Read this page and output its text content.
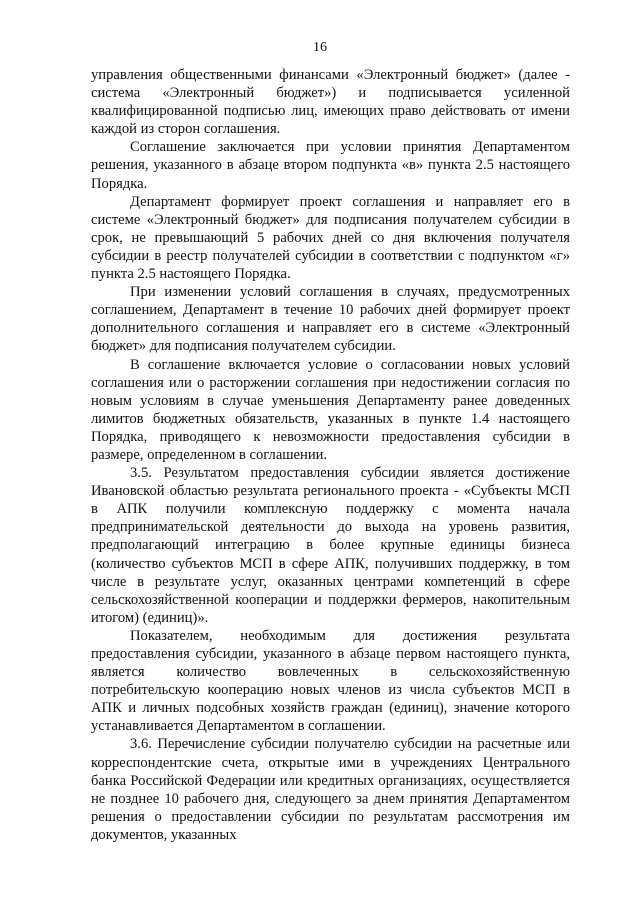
16

управления общественными финансами «Электронный бюджет» (далее - система «Электронный бюджет») и подписывается усиленной квалифицированной подписью лиц, имеющих право действовать от имени каждой из сторон соглашения.

Соглашение заключается при условии принятия Департаментом решения, указанного в абзаце втором подпункта «в» пункта 2.5 настоящего Порядка.

Департамент формирует проект соглашения и направляет его в системе «Электронный бюджет» для подписания получателем субсидии в срок, не превышающий 5 рабочих дней со дня включения получателя субсидии в реестр получателей субсидии в соответствии с подпунктом «г» пункта 2.5 настоящего Порядка.

При изменении условий соглашения в случаях, предусмотренных соглашением, Департамент в течение 10 рабочих дней формирует проект дополнительного соглашения и направляет его в системе «Электронный бюджет» для подписания получателем субсидии.

В соглашение включается условие о согласовании новых условий соглашения или о расторжении соглашения при недостижении согласия по новым условиям в случае уменьшения Департаменту ранее доведенных лимитов бюджетных обязательств, указанных в пункте 1.4 настоящего Порядка, приводящего к невозможности предоставления субсидии в размере, определенном в соглашении.

3.5. Результатом предоставления субсидии является достижение Ивановской областью результата регионального проекта - «Субъекты МСП в АПК получили комплексную поддержку с момента начала предпринимательской деятельности до выхода на уровень развития, предполагающий интеграцию в более крупные единицы бизнеса (количество субъектов МСП в сфере АПК, получивших поддержку, в том числе в результате услуг, оказанных центрами компетенций в сфере сельскохозяйственной кооперации и поддержки фермеров, накопительным итогом) (единиц)».

Показателем, необходимым для достижения результата предоставления субсидии, указанного в абзаце первом настоящего пункта, является количество вовлеченных в сельскохозяйственную потребительскую кооперацию новых членов из числа субъектов МСП в АПК и личных подсобных хозяйств граждан (единиц), значение которого устанавливается Департаментом в соглашении.

3.6. Перечисление субсидии получателю субсидии на расчетные или корреспондентские счета, открытые ими в учреждениях Центрального банка Российской Федерации или кредитных организациях, осуществляется не позднее 10 рабочего дня, следующего за днем принятия Департаментом решения о предоставлении субсидии по результатам рассмотрения им документов, указанных
